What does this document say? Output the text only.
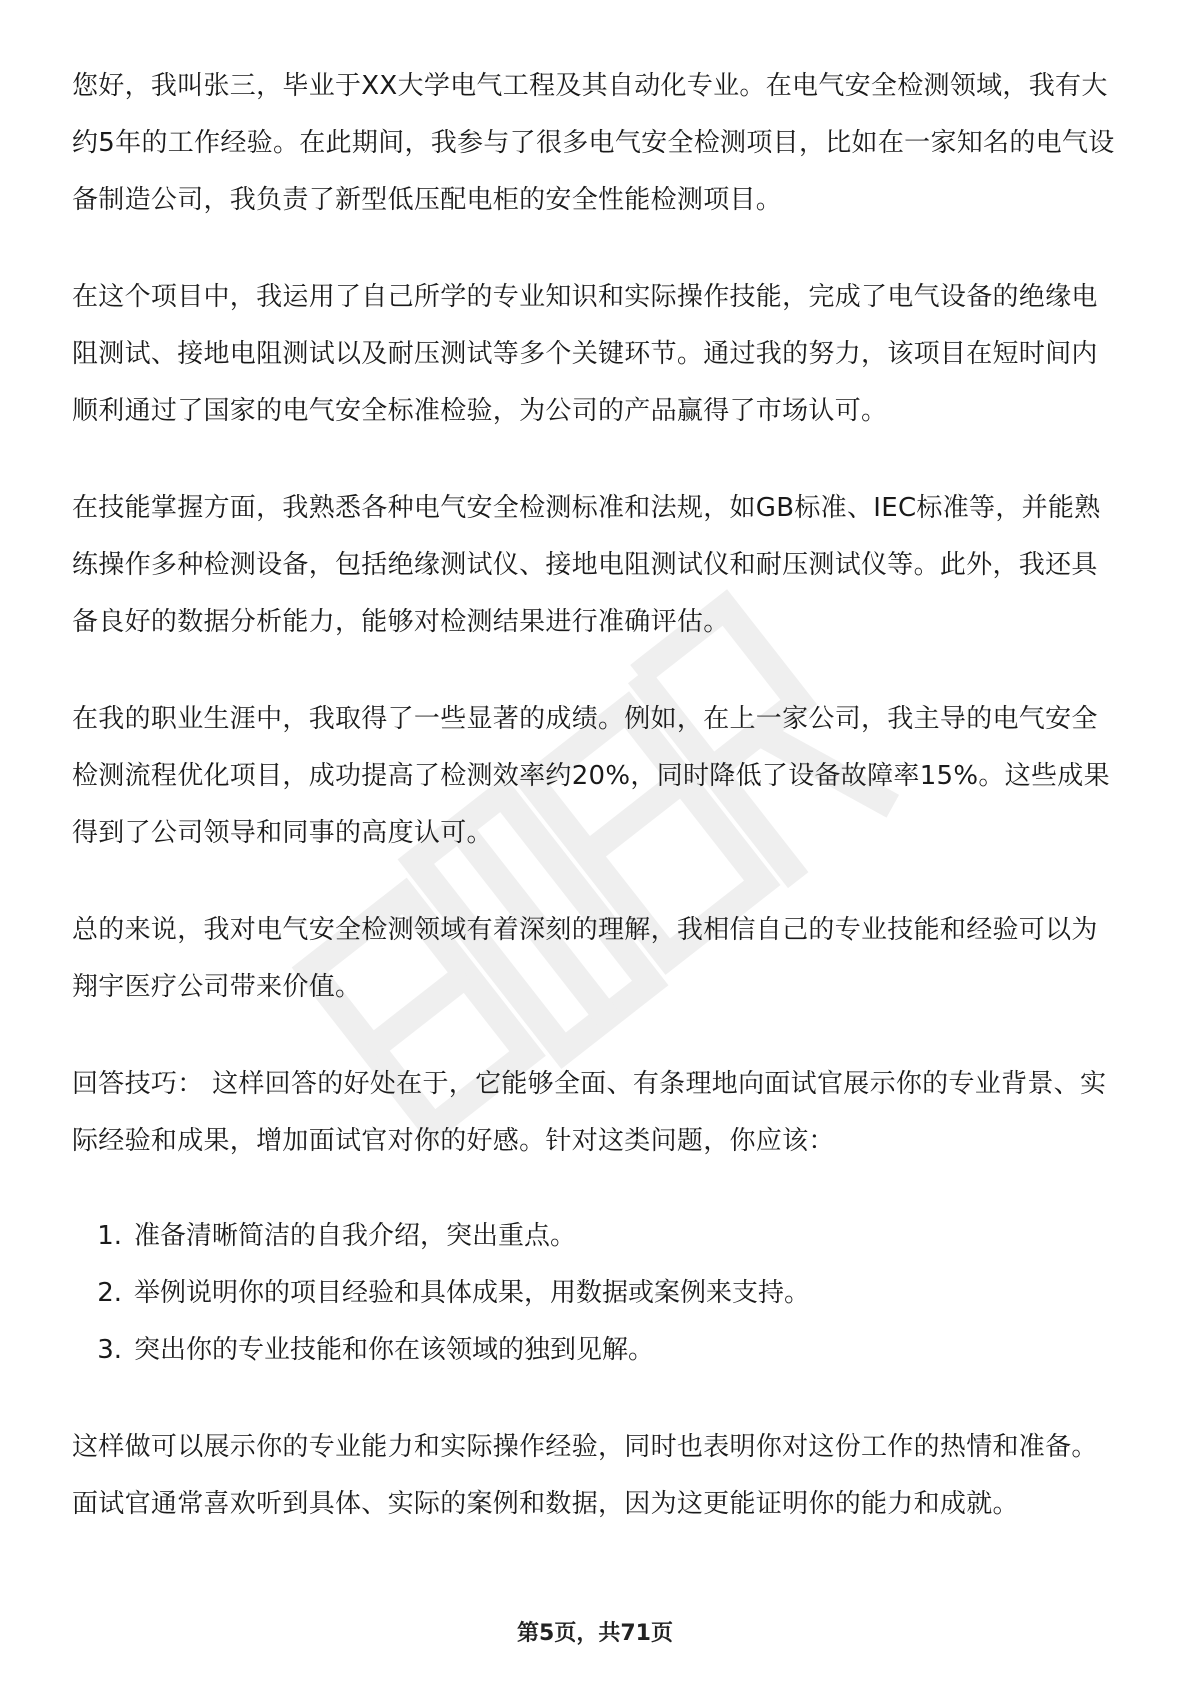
您好，我叫张三，毕业于XX大学电气工程及其自动化专业。在电气安全检测领域，我有大约5年的工作经验。在此期间，我参与了很多电气安全检测项目，比如在一家知名的电气设备制造公司，我负责了新型低压配电柜的安全性能检测项目。

在这个项目中，我运用了自己所学的专业知识和实际操作技能，完成了电气设备的绝缘电阻测试、接地电阻测试以及耐压测试等多个关键环节。通过我的努力，该项目在短时间内顺利通过了国家的电气安全标准检验，为公司的产品赢得了市场认可。

在技能掌握方面，我熟悉各种电气安全检测标准和法规，如GB标准、IEC标准等，并能熟练操作多种检测设备，包括绝缘测试仪、接地电阻测试仪和耐压测试仪等。此外，我还具备良好的数据分析能力，能够对检测结果进行准确评估。

在我的职业生涯中，我取得了一些显著的成绩。例如，在上一家公司，我主导的电气安全检测流程优化项目，成功提高了检测效率约20%，同时降低了设备故障率15%。这些成果得到了公司领导和同事的高度认可。

总的来说，我对电气安全检测领域有着深刻的理解，我相信自己的专业技能和经验可以为翔宇医疗公司带来价值。

回答技巧： 这样回答的好处在于，它能够全面、有条理地向面试官展示你的专业背景、实际经验和成果，增加面试官对你的好感。针对这类问题，你应该：

1. 准备清晰简洁的自我介绍，突出重点。
2. 举例说明你的项目经验和具体成果，用数据或案例来支持。
3. 突出你的专业技能和你在该领域的独到见解。

这样做可以展示你的专业能力和实际操作经验，同时也表明你对这份工作的热情和准备。面试官通常喜欢听到具体、实际的案例和数据，因为这更能证明你的能力和成就。

第5页，共71页
